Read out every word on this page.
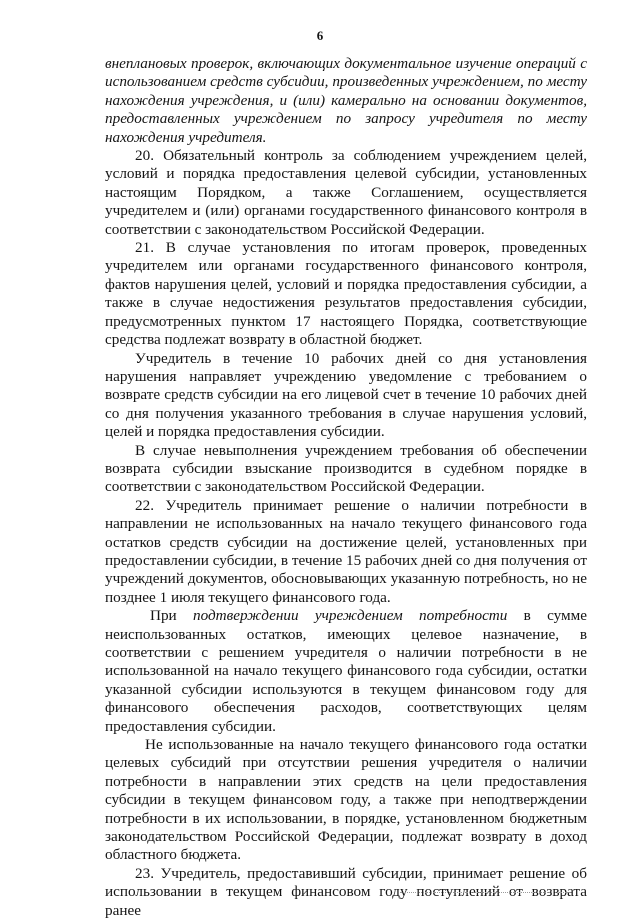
6

внеплановых проверок, включающих документальное изучение операций с использованием средств субсидии, произведенных учреждением, по месту нахождения учреждения, и (или) камерально на основании документов, предоставленных учреждением по запросу учредителя по месту нахождения учредителя.

20. Обязательный контроль за соблюдением учреждением целей, условий и порядка предоставления целевой субсидии, установленных настоящим Порядком, а также Соглашением, осуществляется учредителем и (или) органами государственного финансового контроля в соответствии с законодательством Российской Федерации.

21. В случае установления по итогам проверок, проведенных учредителем или органами государственного финансового контроля, фактов нарушения целей, условий и порядка предоставления субсидии, а также в случае недостижения результатов предоставления субсидии, предусмотренных пунктом 17 настоящего Порядка, соответствующие средства подлежат возврату в областной бюджет.

Учредитель в течение 10 рабочих дней со дня установления нарушения направляет учреждению уведомление с требованием о возврате средств субсидии на его лицевой счет в течение 10 рабочих дней со дня получения указанного требования в случае нарушения условий, целей и порядка предоставления субсидии.

В случае невыполнения учреждением требования об обеспечении возврата субсидии взыскание производится в судебном порядке в соответствии с законодательством Российской Федерации.

22. Учредитель принимает решение о наличии потребности в направлении не использованных на начало текущего финансового года остатков средств субсидии на достижение целей, установленных при предоставлении субсидии, в течение 15 рабочих дней со дня получения от учреждений документов, обосновывающих указанную потребность, но не позднее 1 июля текущего финансового года.

При подтверждении учреждением потребности в сумме неиспользованных остатков, имеющих целевое назначение, в соответствии с решением учредителя о наличии потребности в не использованной на начало текущего финансового года субсидии, остатки указанной субсидии используются в текущем финансовом году для финансового обеспечения расходов, соответствующих целям предоставления субсидии.

Не использованные на начало текущего финансового года остатки целевых субсидий при отсутствии решения учредителя о наличии потребности в направлении этих средств на цели предоставления субсидии в текущем финансовом году, а также при неподтверждении потребности в их использовании, в порядке, установленном бюджетным законодательством Российской Федерации, подлежат возврату в доход областного бюджета.

23. Учредитель, предоставивший субсидии, принимает решение об использовании в текущем финансовом году поступлений от возврата ранее
